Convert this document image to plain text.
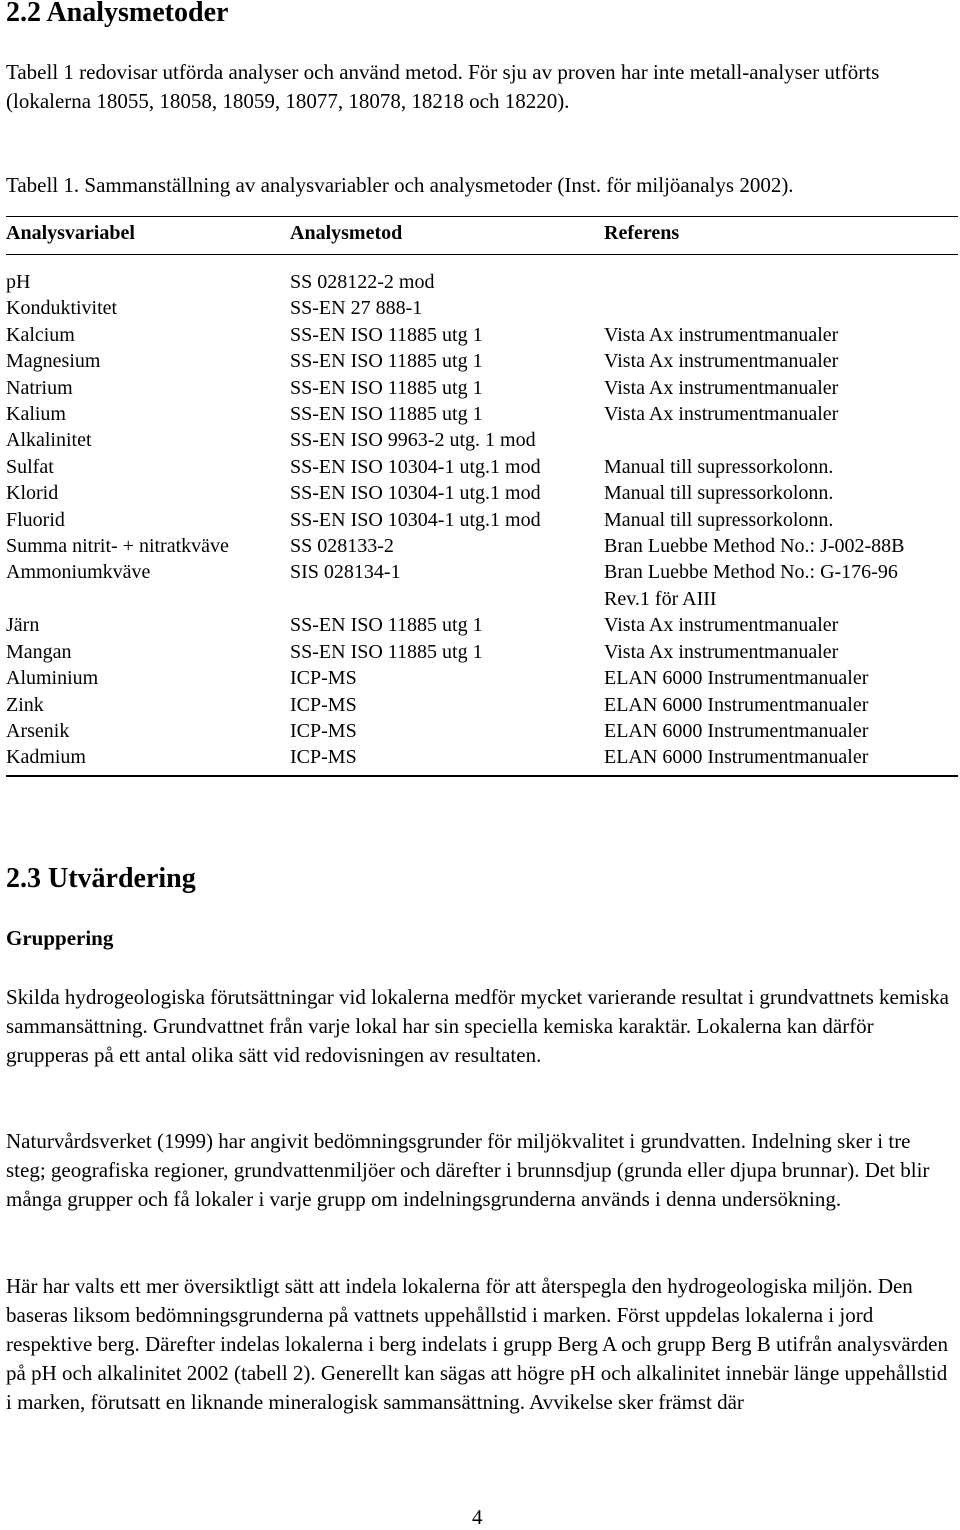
2.2 Analysmetoder

Tabell 1 redovisar utförda analyser och använd metod. För sju av proven har inte metall-analyser utförts (lokalerna 18055, 18058, 18059, 18077, 18078, 18218 och 18220).

Tabell 1. Sammanställning av analysvariabler och analysmetoder (Inst. för miljöanalys 2002).

Analysvariabel	Analysmetod	Referens

pH	SS 028122-2 mod	
Konduktivitet	SS-EN 27 888-1	
Kalcium	SS-EN ISO 11885 utg 1	Vista Ax instrumentmanualer
Magnesium	SS-EN ISO 11885 utg 1	Vista Ax instrumentmanualer
Natrium	SS-EN ISO 11885 utg 1	Vista Ax instrumentmanualer
Kalium	SS-EN ISO 11885 utg 1	Vista Ax instrumentmanualer
Alkalinitet	SS-EN ISO 9963-2 utg. 1 mod	
Sulfat	SS-EN ISO 10304-1 utg.1 mod	Manual till supressorkolonn.
Klorid	SS-EN ISO 10304-1 utg.1 mod	Manual till supressorkolonn.
Fluorid	SS-EN ISO 10304-1 utg.1 mod	Manual till supressorkolonn.
Summa nitrit- + nitratkväve	SS 028133-2	Bran Luebbe Method No.: J-002-88B
Ammoniumkväve	SIS 028134-1	Bran Luebbe Method No.: G-176-96
		Rev.1 för AIII
Järn	SS-EN ISO 11885 utg 1	Vista Ax instrumentmanualer
Mangan	SS-EN ISO 11885 utg 1	Vista Ax instrumentmanualer
Aluminium	ICP-MS	ELAN 6000 Instrumentmanualer
Zink	ICP-MS	ELAN 6000 Instrumentmanualer
Arsenik	ICP-MS	ELAN 6000 Instrumentmanualer
Kadmium	ICP-MS	ELAN 6000 Instrumentmanualer
2.3 Utvärdering

Gruppering

Skilda hydrogeologiska förutsättningar vid lokalerna medför mycket varierande resultat i grundvattnets kemiska sammansättning. Grundvattnet från varje lokal har sin speciella kemiska karaktär. Lokalerna kan därför grupperas på ett antal olika sätt vid redovisningen av resultaten.

Naturvårdsverket (1999) har angivit bedömningsgrunder för miljökvalitet i grundvatten. Indelning sker i tre steg; geografiska regioner, grundvattenmiljöer och därefter i brunnsdjup (grunda eller djupa brunnar). Det blir många grupper och få lokaler i varje grupp om indelningsgrunderna används i denna undersökning.

Här har valts ett mer översiktligt sätt att indela lokalerna för att återspegla den hydrogeologiska miljön. Den baseras liksom bedömningsgrunderna på vattnets uppehållstid i marken. Först uppdelas lokalerna i jord respektive berg. Därefter indelas lokalerna i berg indelats i grupp Berg A och grupp Berg B utifrån analysvärden på pH och alkalinitet 2002 (tabell 2). Generellt kan sägas att högre pH och alkalinitet innebär länge uppehållstid i marken, förutsatt en liknande mineralogisk sammansättning. Avvikelse sker främst där

4
